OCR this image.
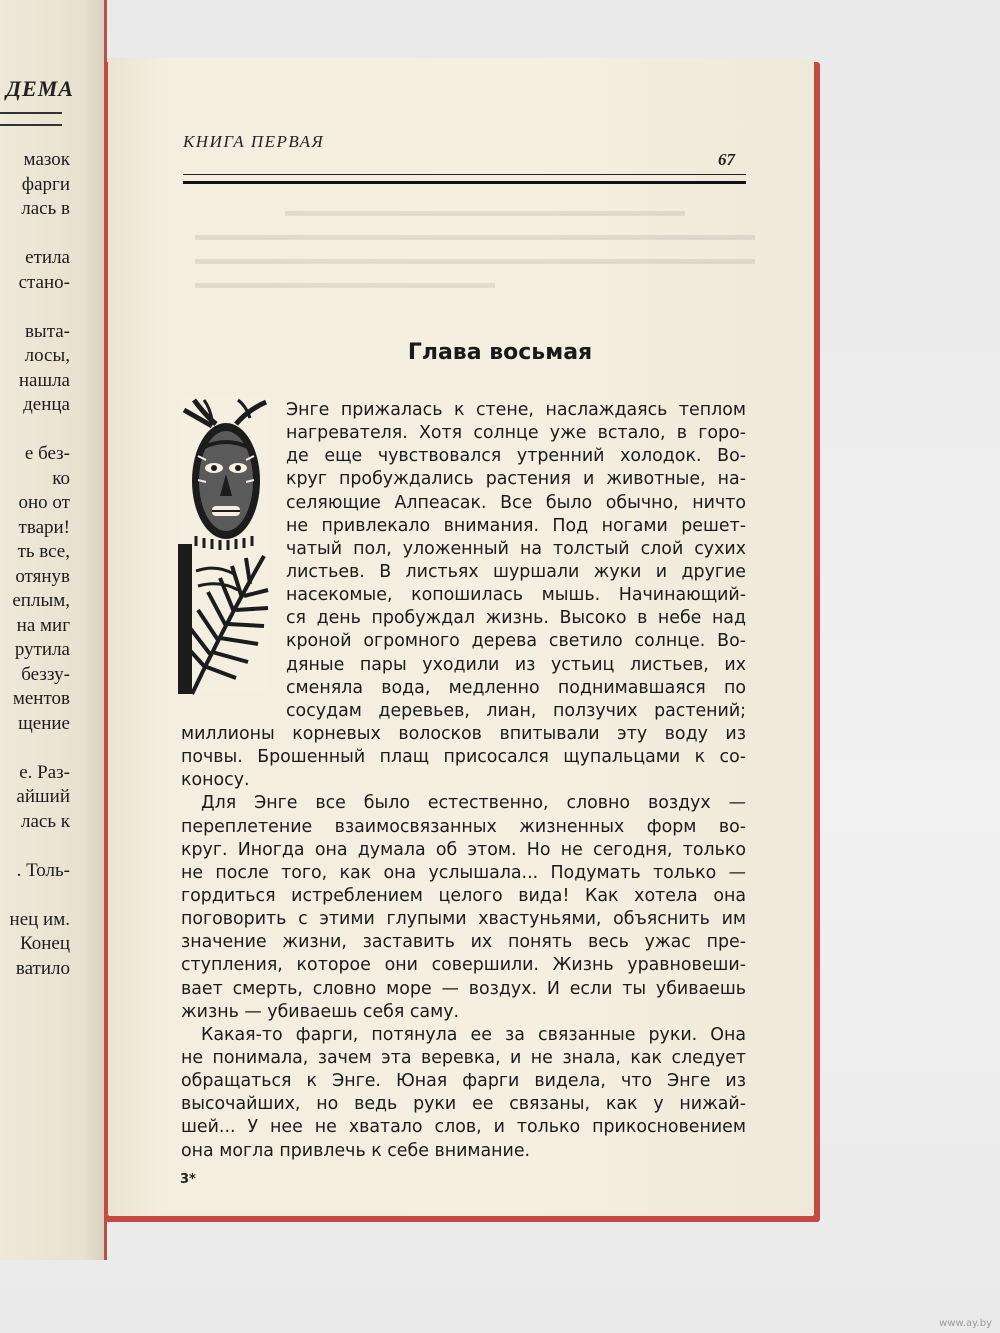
ДЕМА
мазок
фарги
лась в
етила
стано-
выта-
лосы,
нашла
денца
е без-
ко
оно от
твари!
ть все,
отянув
еплым,
на миг
рутила
беззу-
ментов
щение
е. Раз-
айший
лась к
. Толь-
нец им.
Конец
ватило
КНИГА ПЕРВАЯ
67
Глава восьмая
Энге прижалась к стене, наслаждаясь теплом
нагревателя. Хотя солнце уже встало, в горо-
де еще чувствовался утренний холодок. Во-
круг пробуждались растения и животные, на-
селяющие Алпеасак. Все было обычно, ничто
не привлекало внимания. Под ногами решет-
чатый пол, уложенный на толстый слой сухих
листьев. В листьях шуршали жуки и другие
насекомые, копошилась мышь. Начинающий-
ся день пробуждал жизнь. Высоко в небе над
кроной огромного дерева светило солнце. Во-
дяные пары уходили из устьиц листьев, их
сменяла вода, медленно поднимавшаяся по
сосудам деревьев, лиан, ползучих растений;
миллионы корневых волосков впитывали эту воду из
почвы. Брошенный плащ присосался щупальцами к со-
коносу.
Для Энге все было естественно, словно воздух —
переплетение взаимосвязанных жизненных форм во-
круг. Иногда она думала об этом. Но не сегодня, только
не после того, как она услышала... Подумать только —
гордиться истреблением целого вида! Как хотела она
поговорить с этими глупыми хвастуньями, объяснить им
значение жизни, заставить их понять весь ужас пре-
ступления, которое они совершили. Жизнь уравновеши-
вает смерть, словно море — воздух. И если ты убиваешь
жизнь — убиваешь себя саму.
Какая-то фарги, потянула ее за связанные руки. Она
не понимала, зачем эта веревка, и не знала, как следует
обращаться к Энге. Юная фарги видела, что Энге из
высочайших, но ведь руки ее связаны, как у нижай-
шей... У нее не хватало слов, и только прикосновением
она могла привлечь к себе внимание.
3*
www.ay.by
